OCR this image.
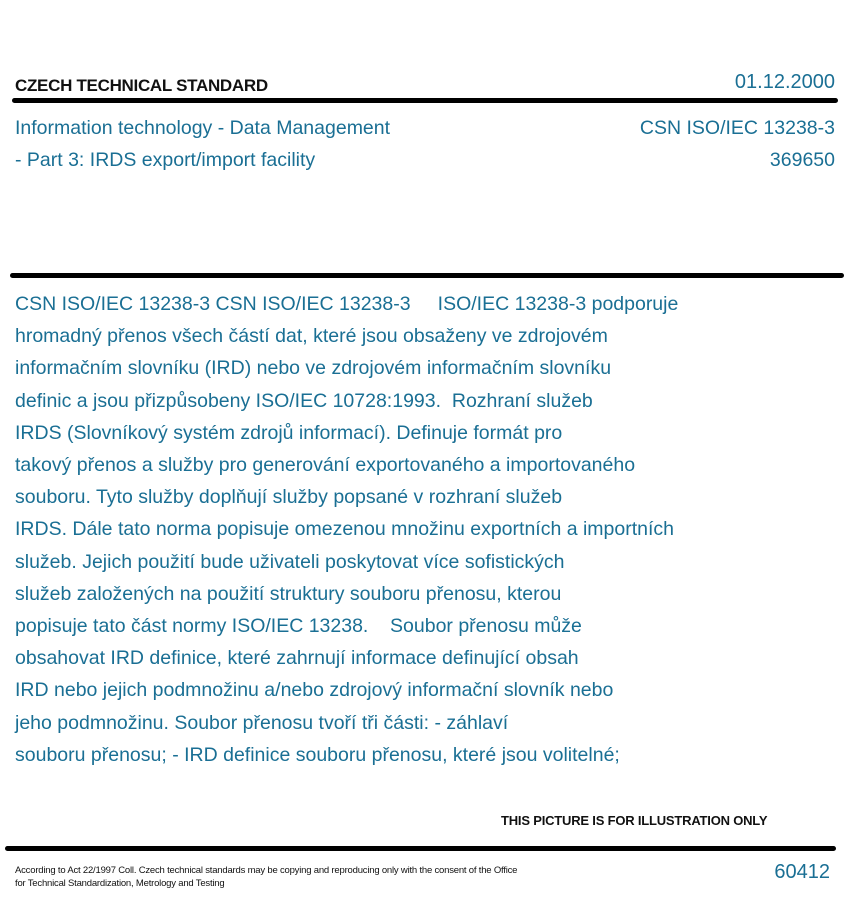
CZECH TECHNICAL STANDARD	01.12.2000
Information technology - Data Management
- Part 3: IRDS export/import facility
CSN ISO/IEC 13238-3
369650
CSN ISO/IEC 13238-3 CSN ISO/IEC 13238-3     ISO/IEC 13238-3 podporuje
hromadný přenos všech částí dat, které jsou obsaženy ve zdrojovém
informačním slovníku (IRD) nebo ve zdrojovém informačním slovníku
definic a jsou přizpůsobeny ISO/IEC 10728:1993.  Rozhraní služeb
IRDS (Slovníkový systém zdrojů informací). Definuje formát pro
takový přenos a služby pro generování exportovaného a importovaného
souboru. Tyto služby doplňují služby popsané v rozhraní služeb
IRDS. Dále tato norma popisuje omezenou množinu exportních a importních
služeb. Jejich použití bude uživateli poskytovat více sofistických
služeb založených na použití struktury souboru přenosu, kterou
popisuje tato část normy ISO/IEC 13238.    Soubor přenosu může
obsahovat IRD definice, které zahrnují informace definující obsah
IRD nebo jejich podmnožinu a/nebo zdrojový informační slovník nebo
jeho podmnožinu. Soubor přenosu tvoří tři části: - záhlaví
souboru přenosu; - IRD definice souboru přenosu, které jsou volitelné;
THIS PICTURE IS FOR ILLUSTRATION ONLY
According to Act 22/1997 Coll. Czech technical standards may be copying and reproducing only with the consent of the Office
for Technical Standardization, Metrology and Testing
60412
